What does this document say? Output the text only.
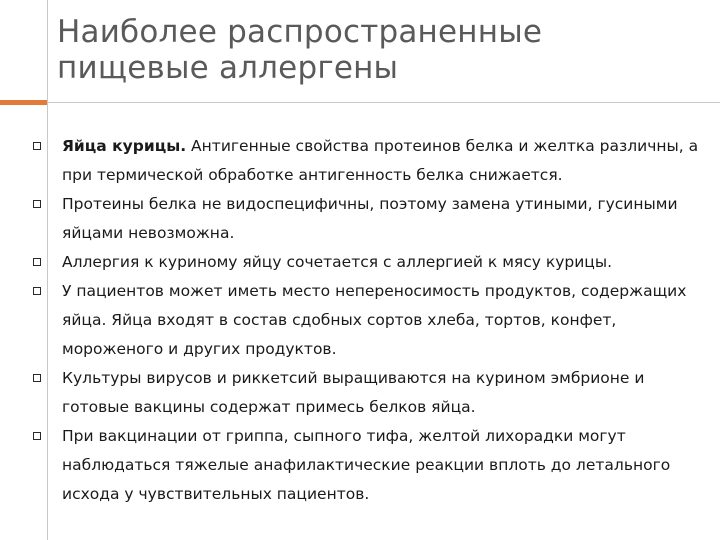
Наиболее распространенные
пищевые аллергены
Яйца курицы. Антигенные свойства протеинов белка и желтка различны, а при термической обработке антигенность белка снижается.
Протеины белка не видоспецифичны, поэтому замена утиными, гусиными яйцами невозможна.
Аллергия к куриному яйцу сочетается с аллергией к мясу курицы.
У пациентов может иметь место непереносимость продуктов, содержащих яйца. Яйца входят в состав сдобных сортов хлеба, тортов, конфет, мороженого и других продуктов.
Культуры вирусов и риккетсий выращиваются на курином эмбрионе и готовые вакцины содержат примесь белков яйца.
При вакцинации от гриппа, сыпного тифа, желтой лихорадки могут наблюдаться тяжелые анафилактические реакции вплоть до летального исхода у чувствительных пациентов.
